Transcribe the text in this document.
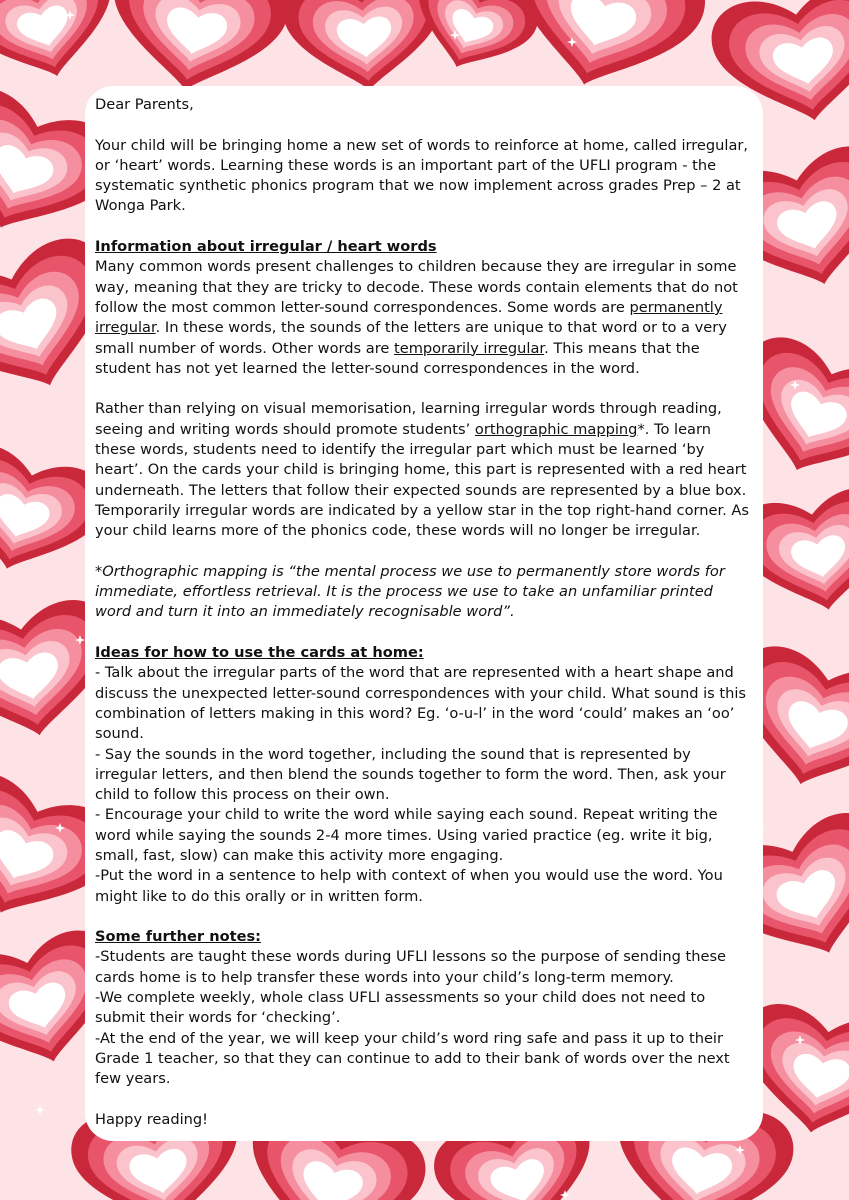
Dear Parents,

Your child will be bringing home a new set of words to reinforce at home, called irregular, or ‘heart’ words. Learning these words is an important part of the UFLI program - the systematic synthetic phonics program that we now implement across grades Prep – 2 at Wonga Park.

Information about irregular / heart words

Many common words present challenges to children because they are irregular in some way, meaning that they are tricky to decode. These words contain elements that do not follow the most common letter-sound correspondences. Some words are permanently irregular. In these words, the sounds of the letters are unique to that word or to a very small number of words. Other words are temporarily irregular. This means that the student has not yet learned the letter-sound correspondences in the word.

Rather than relying on visual memorisation, learning irregular words through reading, seeing and writing words should promote students’ orthographic mapping*. To learn these words, students need to identify the irregular part which must be learned ‘by heart’. On the cards your child is bringing home, this part is represented with a red heart underneath. The letters that follow their expected sounds are represented by a blue box. Temporarily irregular words are indicated by a yellow star in the top right-hand corner. As your child learns more of the phonics code, these words will no longer be irregular.

*Orthographic mapping is “the mental process we use to permanently store words for immediate, effortless retrieval. It is the process we use to take an unfamiliar printed word and turn it into an immediately recognisable word”.

Ideas for how to use the cards at home:

- Talk about the irregular parts of the word that are represented with a heart shape and discuss the unexpected letter-sound correspondences with your child. What sound is this combination of letters making in this word? Eg. ‘o-u-l’ in the word ‘could’ makes an ‘oo’ sound.

- Say the sounds in the word together, including the sound that is represented by irregular letters, and then blend the sounds together to form the word. Then, ask your child to follow this process on their own.

- Encourage your child to write the word while saying each sound. Repeat writing the word while saying the sounds 2-4 more times. Using varied practice (eg. write it big, small, fast, slow) can make this activity more engaging.

-Put the word in a sentence to help with context of when you would use the word. You might like to do this orally or in written form.

Some further notes:

-Students are taught these words during UFLI lessons so the purpose of sending these cards home is to help transfer these words into your child’s long-term memory.

-We complete weekly, whole class UFLI assessments so your child does not need to submit their words for ‘checking’.

-At the end of the year, we will keep your child’s word ring safe and pass it up to their Grade 1 teacher, so that they can continue to add to their bank of words over the next few years.

Happy reading!
